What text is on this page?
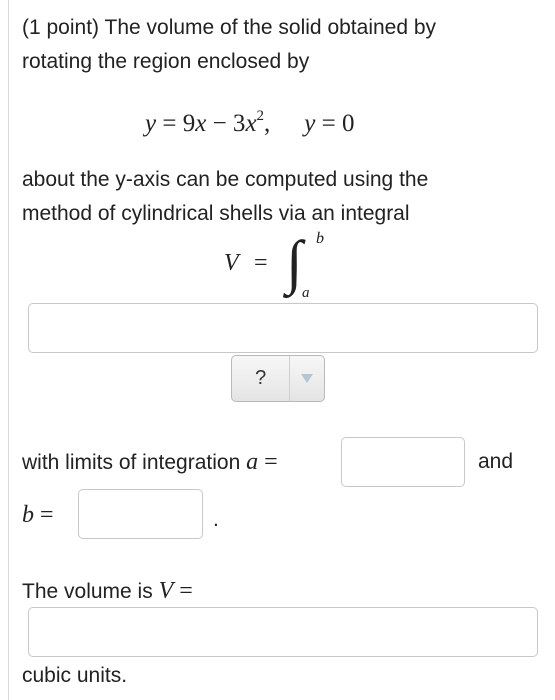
(1 point) The volume of the solid obtained by
rotating the region enclosed by
$y = 9x - 3x^2$, y = 0
about the y-axis can be computed using the
method of cylindrical shells via an integral
V = ∫ b
a
?
with limits of integration a =	and
b =	.
The volume is V =
cubic units.
